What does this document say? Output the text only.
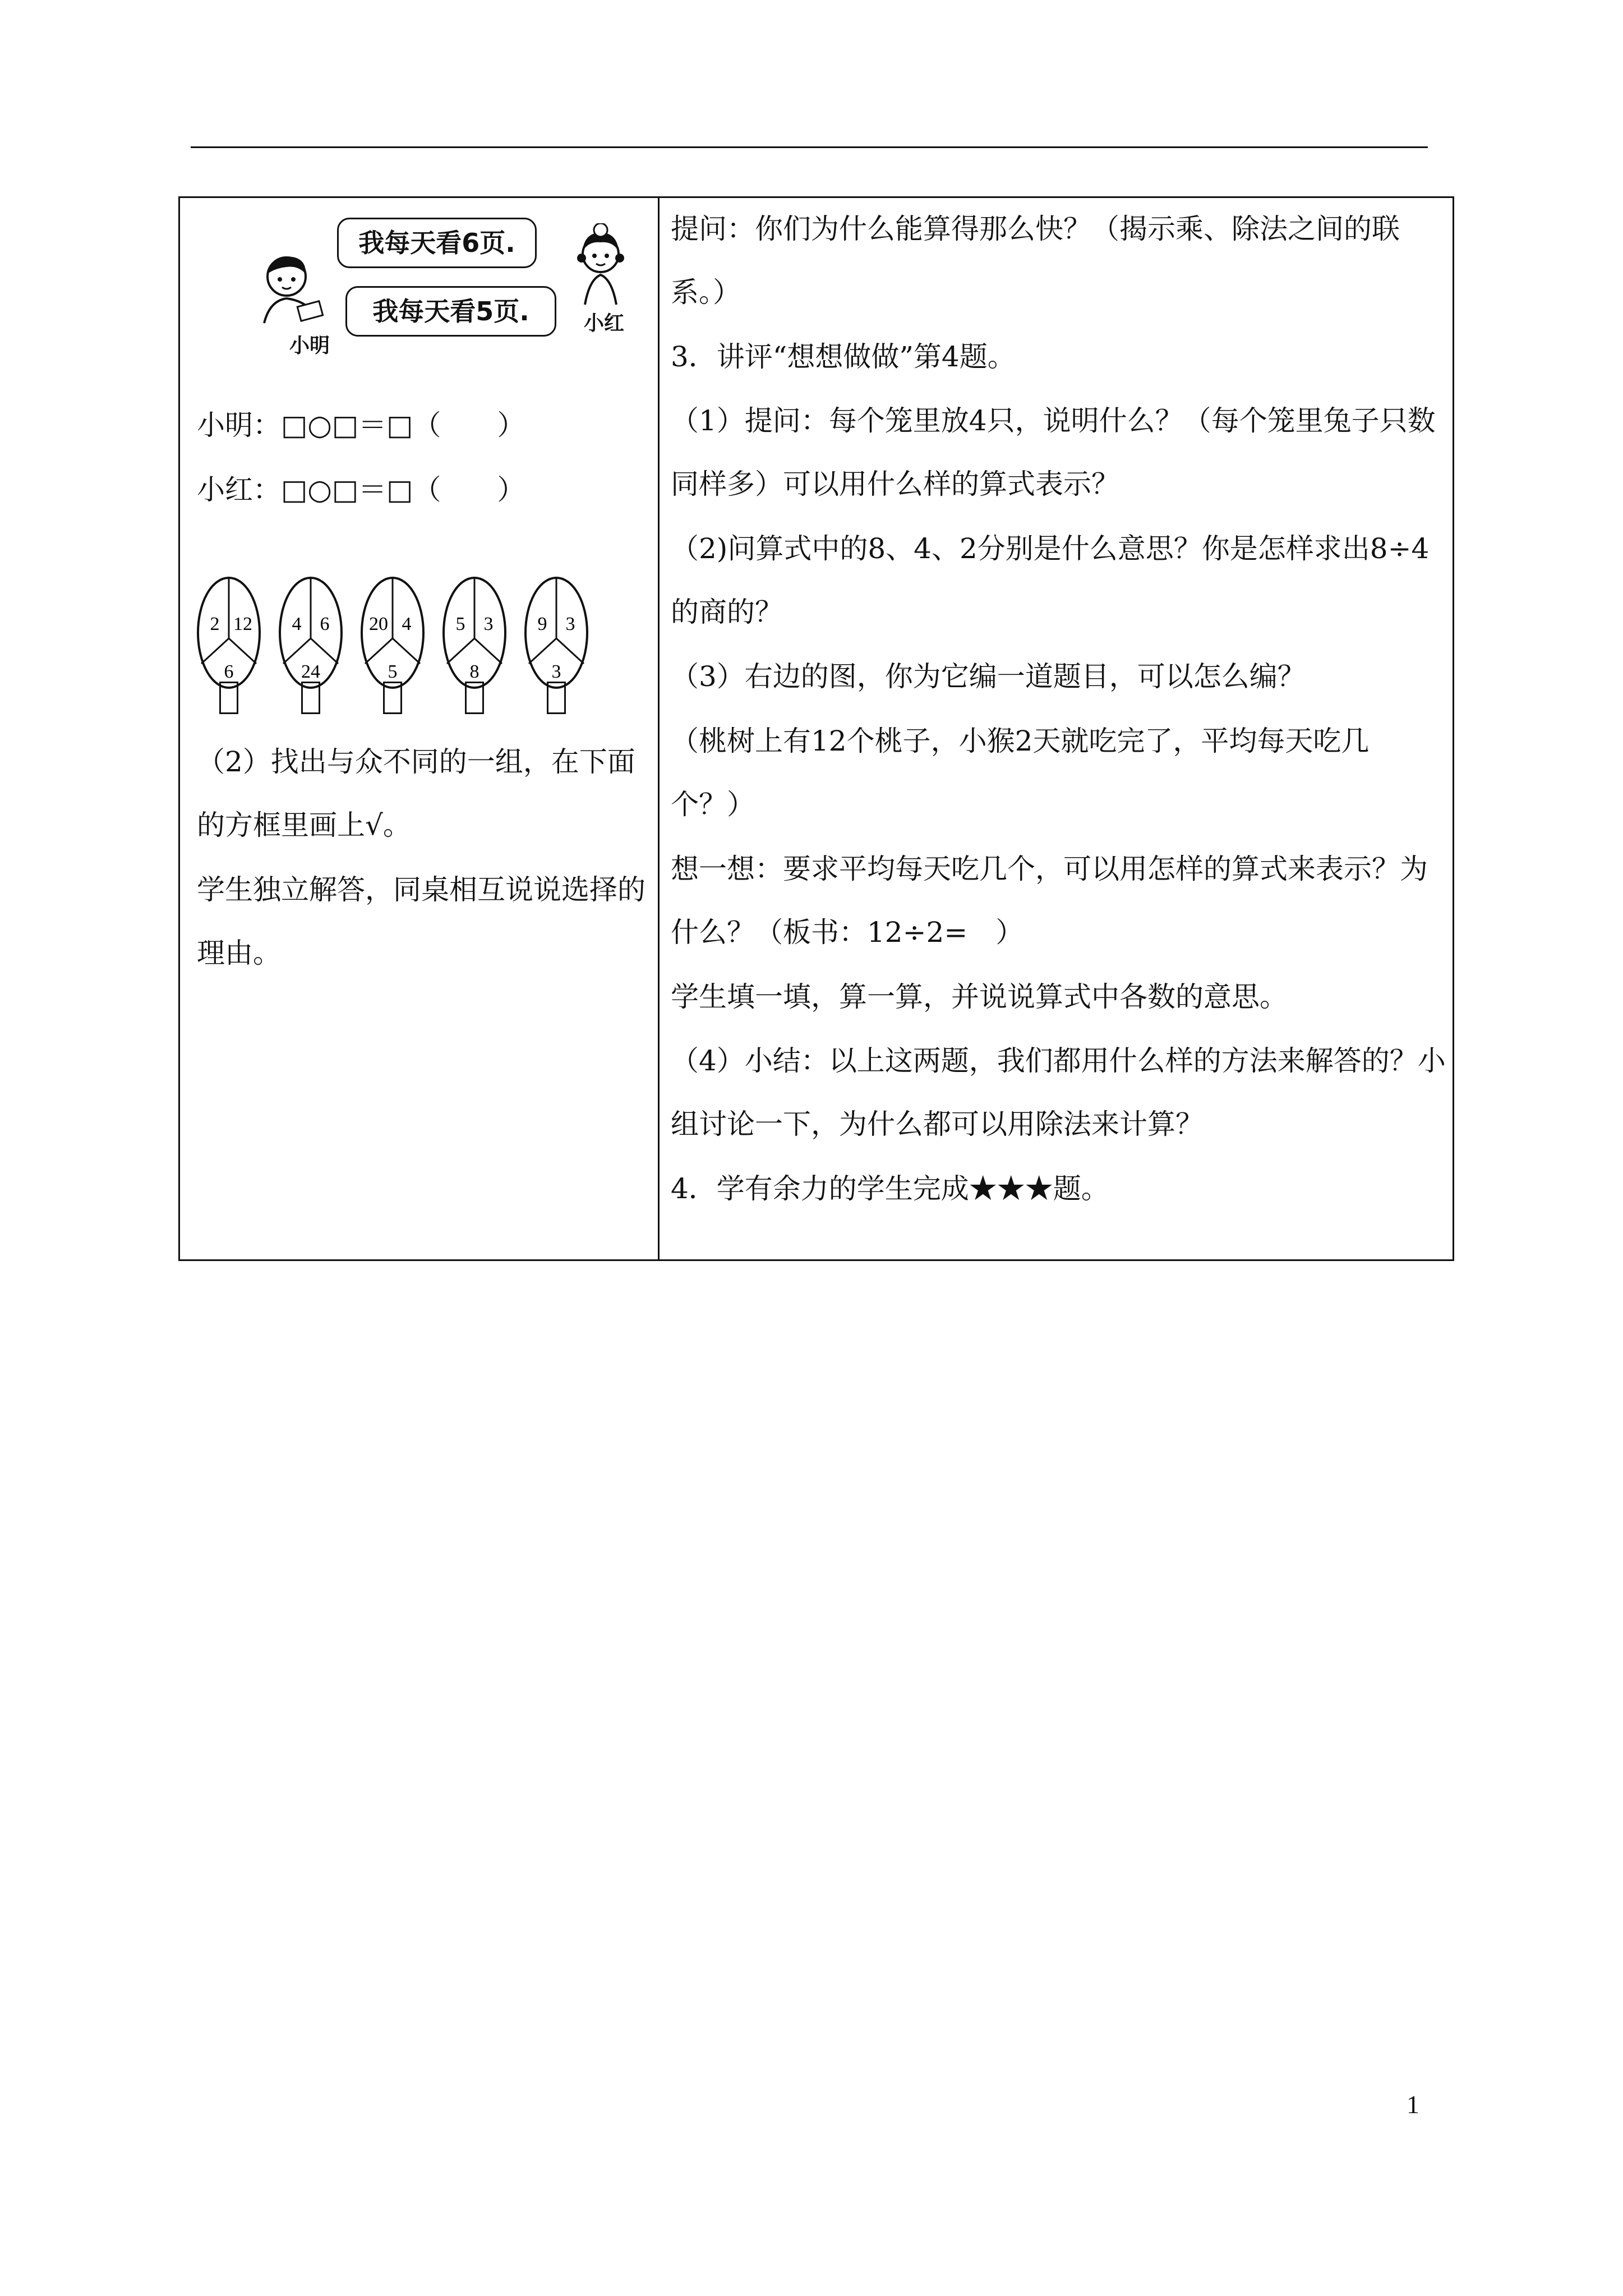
我每天看6页.
我每天看5页.
小明
小红
小明：□○□＝□（　　）
小红：□○□＝□（　　）
2 12
6
4 6
24
20 4
5
5 3
8
9 3
3
（2）找出与众不同的一组，在下面
的方框里画上√。
学生独立解答，同桌相互说说选择的
理由。
提问：你们为什么能算得那么快？（揭示乘、除法之间的联
系。）
3．讲评“想想做做”第4题。
（1）提问：每个笼里放4只，说明什么？（每个笼里兔子只数
同样多）可以用什么样的算式表示？
（2)问算式中的8、4、2分别是什么意思？你是怎样求出8÷4
的商的？
（3）右边的图，你为它编一道题目，可以怎么编？
（桃树上有12个桃子，小猴2天就吃完了，平均每天吃几
个？）
想一想：要求平均每天吃几个，可以用怎样的算式来表示？为
什么？（板书：12÷2=　）
学生填一填，算一算，并说说算式中各数的意思。
（4）小结：以上这两题，我们都用什么样的方法来解答的？小
组讨论一下，为什么都可以用除法来计算？
4．学有余力的学生完成★★★题。
1
